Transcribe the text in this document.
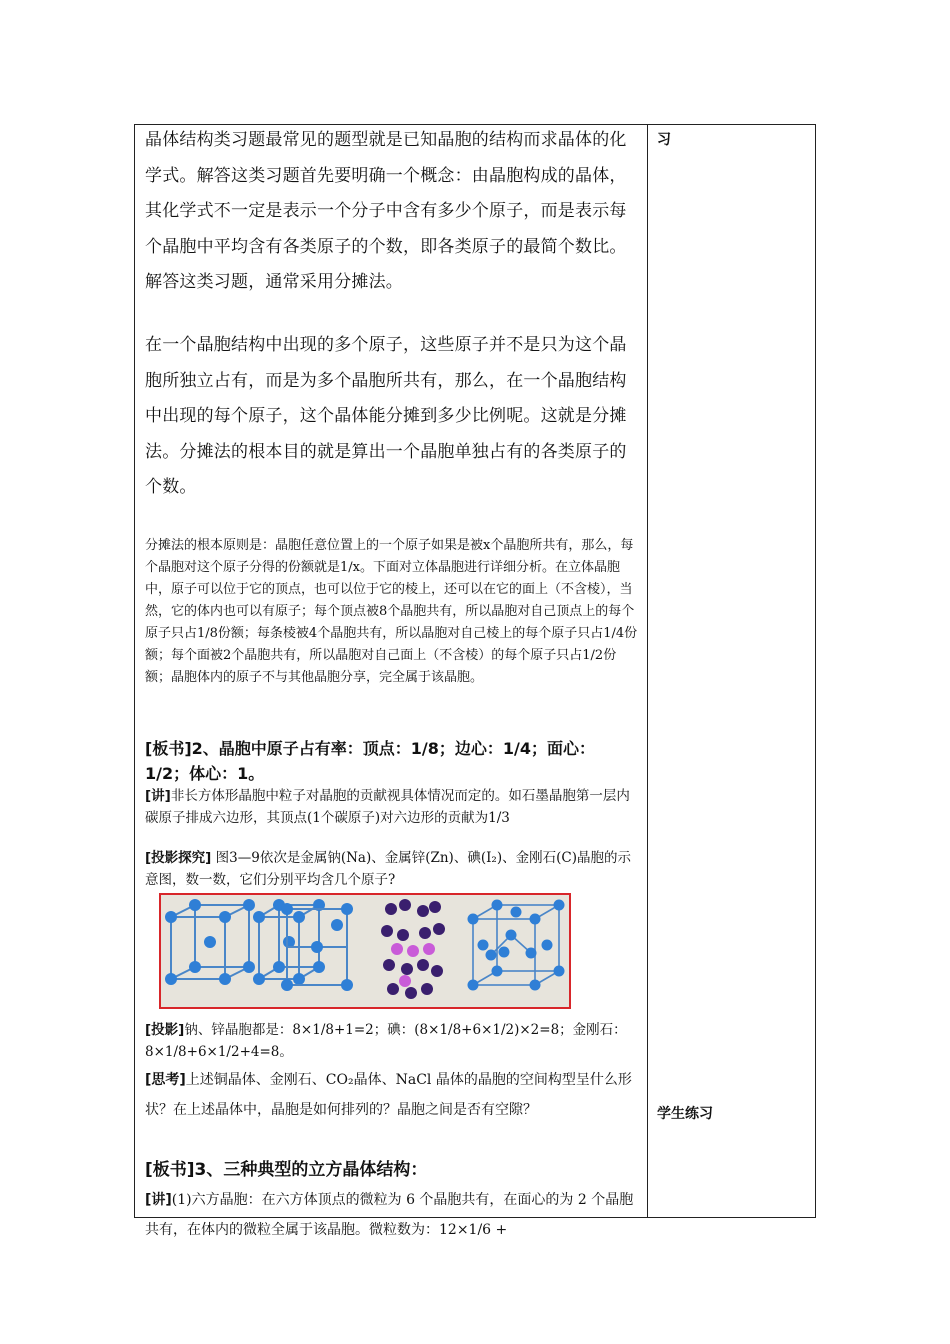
晶体结构类习题最常见的题型就是已知晶胞的结构而求晶体的化学式。解答这类习题首先要明确一个概念：由晶胞构成的晶体，其化学式不一定是表示一个分子中含有多少个原子，而是表示每个晶胞中平均含有各类原子的个数，即各类原子的最简个数比。解答这类习题，通常采用分摊法。

在一个晶胞结构中出现的多个原子，这些原子并不是只为这个晶胞所独立占有，而是为多个晶胞所共有，那么，在一个晶胞结构中出现的每个原子，这个晶体能分摊到多少比例呢。这就是分摊法。分摊法的根本目的就是算出一个晶胞单独占有的各类原子的个数。

分摊法的根本原则是：晶胞任意位置上的一个原子如果是被x个晶胞所共有，那么，每个晶胞对这个原子分得的份额就是1/x。下面对立体晶胞进行详细分析。在立体晶胞中，原子可以位于它的顶点，也可以位于它的棱上，还可以在它的面上（不含棱），当然，它的体内也可以有原子；每个顶点被8个晶胞共有，所以晶胞对自己顶点上的每个原子只占1/8份额；每条棱被4个晶胞共有，所以晶胞对自己棱上的每个原子只占1/4份额；每个面被2个晶胞共有，所以晶胞对自己面上（不含棱）的每个原子只占1/2份额；晶胞体内的原子不与其他晶胞分享，完全属于该晶胞。

[板书]2、晶胞中原子占有率：顶点：1/8；边心：1/4；面心：1/2；体心：1。

[讲]非长方体形晶胞中粒子对晶胞的贡献视具体情况而定的。如石墨晶胞第一层内碳原子排成六边形，其顶点(1个碳原子)对六边形的贡献为1/3

[投影探究] 图3—9依次是金属钠(Na)、金属锌(Zn)、碘(I₂)、金刚石(C)晶胞的示意图，数一数，它们分别平均含几个原子?

[投影]钠、锌晶胞都是：8×1/8+1=2；碘：(8×1/8+6×1/2)×2=8；金刚石：8×1/8+6×1/2+4=8。

[思考]上述铜晶体、金刚石、CO₂晶体、NaCl 晶体的晶胞的空间构型呈什么形状？在上述晶体中，晶胞是如何排列的？晶胞之间是否有空隙？

[板书]3、三种典型的立方晶体结构：

[讲](1)六方晶胞：在六方体顶点的微粒为 6 个晶胞共有，在面心的为 2 个晶胞共有，在体内的微粒全属于该晶胞。微粒数为：12×1/6 +

习
学生练习
